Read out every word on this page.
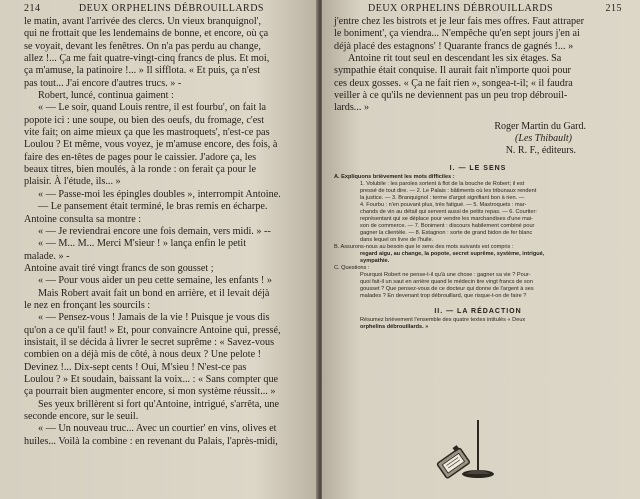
214	DEUX ORPHELINS DÉBROUILLARDS

le matin, avant l'arrivée des clercs. Un vieux branquignol',

qui ne frottait que les lendemains de bonne, et encore, où ça

se voyait, devant les fenêtres. On n'a pas perdu au change,

allez !... Ça me fait quatre-vingt-cinq francs de plus. Et moi,

ça m'amuse, la patinoire !... » Il sifflota. « Et puis, ça n'est

pas tout... J'ai encore d'autres trucs. » -

Robert, luncé, continua gaiment :

« — Le soir, quand Louis rentre, il est fourbu', on fait la

popote ici : une soupe, ou bien des oeufs, du fromage, c'est

vite fait; on aime mieux ça que les mastroquets', n'est-ce pas

Loulou ? Et même, vous voyez, je m'amuse encore, des fois, à

faire des en-têtes de pages pour le caissier. J'adore ça, les

beaux titres, bien moulés, à la ronde : on ferait ça pour le

plaisir. À l'étude, ils... »

« — Passe-moi les épingles doubles », interrompit Antoine.

— Le pansement était terminé, le bras remis en écharpe.

Antoine consulta sa montre :

« — Je reviendrai encore une fois demain, vers midi. » --

« — M... M... Merci M'sieur ! » lança enfin le petit

malade. » -

Antoine avait tiré vingt francs de son gousset ;

« — Pour vous aider un peu cette semaine, les enfants ! »

Mais Robert avait fait un bond en arrière, et il levait déjà

le nez en fronçant les sourcils :

« — Pensez-vous ! Jamais de la vie ! Puisque je vous dis

qu'on a ce qu'il faut! » Et, pour convaincre Antoine qui, pressé,

insistait, il se décida à livrer le secret suprême : « Savez-vous

combien on a déjà mis de côté, à nous deux ? Une pelote !

Devinez !... Dix-sept cents ! Oui, M'sieu ! N'est-ce pas

Loulou ? » Et soudain, baissant la voix... : « Sans compter que

ça pourrait bien augmenter encore, si mon système réussit... »

Ses yeux brillèrent si fort qu'Antoine, intrigué, s'arrêta, une

seconde encore, sur le seuil.

« — Un nouveau truc... Avec un courtier' en vins, olives et

huiles... Voilà la combine : en revenant du Palais, l'après-midi,

DEUX ORPHELINS DÉBROUILLARDS	215

j'entre chez les bistrots et je leur fais mes offres. Faut attraper

le boniment', ça viendra... N'empêche qu'en sept jours j'en ai

déjà placé des estagnons' ! Quarante francs de gagnés !... »

Antoine rit tout seul en descendant les six étages. Sa

sympathie était conquise. Il aurait fait n'importe quoi pour

ces deux gosses. « Ça ne fait rien », songea-t-il; « il faudra

veiller à ce qu'ils ne deviennent pas un peu trop débrouil-

lards... »

Roger Martin du Gard.
(Les Thibault)
N. R. F., éditeurs.
I. — LE SENS
A. Expliquons brièvement les mots difficiles :
1. Volubile : les paroles sortent à flot de la bouche de Robert; il est
pressé de tout dire. — 2. Le Palais : bâtiments où les tribunaux rendent
la justice. — 3. Branquignol : terme d'argot signifiant bon à rien. —
4. Fourbu : n'en pouvant plus, très fatigué. — 5. Mastroquets : mar-
chands de vin au détail qui servent aussi de petits repas. — 6. Courtier:
représentant qui se déplace pour vendre les marchandises d'une mai-
son de commerce. — 7. Boniment : discours habilement combiné pour
gagner la clientèle. — 8. Estagnon : sorte de grand bidon de fer blanc
dans lequel on livre de l'huile.
B. Assurons-nous au besoin que le sens des mots suivants est compris :
regard aigu, au change, la popote, secret suprême, système, intrigué,
sympathie.
C. Questions :
Pourquoi Robert ne pense-t-il qu'à une chose : gagner sa vie ? Pour-
quoi fait-il un saut en arrière quand le médecin tire vingt francs de son
gousset ? Que pensez-vous de ce docteur qui donne de l'argent à ses
malades ? En devenant trop débrouillard, que risque-t-on de faire ?
II. — LA RÉDACTION
Résumez brièvement l'ensemble des quatre textes intitulés « Deux
orphelins débrouillards. »
